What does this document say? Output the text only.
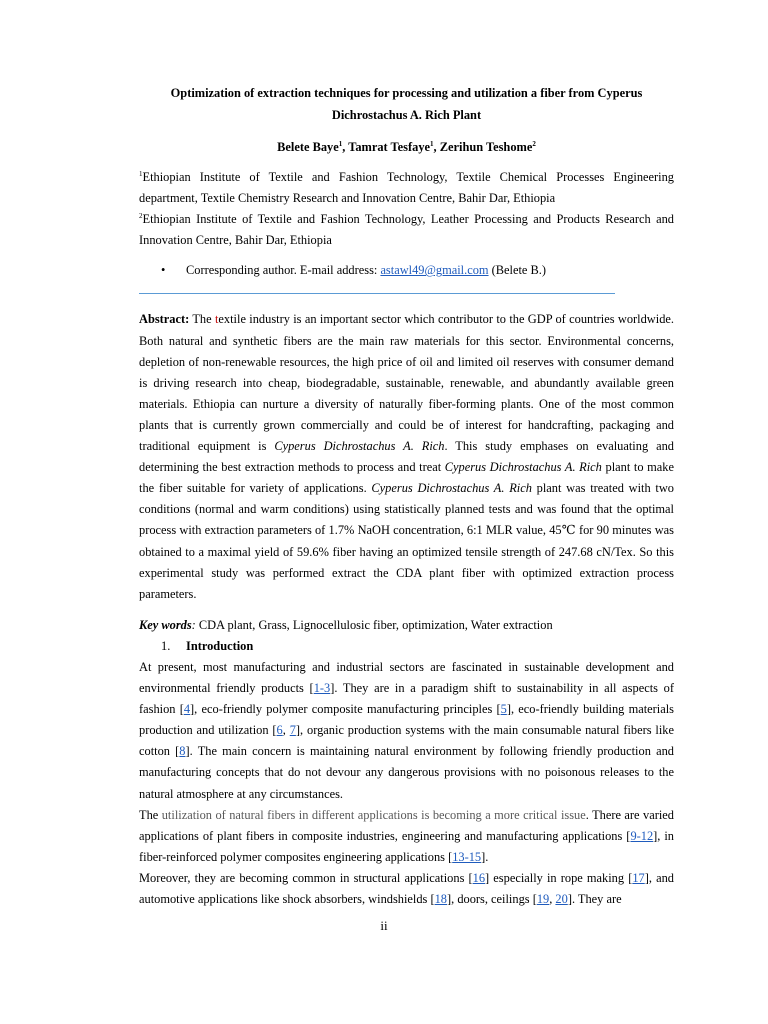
Optimization of extraction techniques for processing and utilization a fiber from Cyperus
Dichrostachus A. Rich Plant

Belete Baye$^1$, Tamrat Tesfaye$^1$, Zerihun Teshome$^2$

$^1$Ethiopian Institute of Textile and Fashion Technology, Textile Chemical Processes Engineering department, Textile Chemistry Research and Innovation Centre, Bahir Dar, Ethiopia

$^2$Ethiopian Institute of Textile and Fashion Technology, Leather Processing and Products Research and Innovation Centre, Bahir Dar, Ethiopia

• Corresponding author. E-mail address: astawl49@gmail.com (Belete B.)

Abstract: The textile industry is an important sector which contributor to the GDP of countries worldwide. Both natural and synthetic fibers are the main raw materials for this sector. Environmental concerns, depletion of non-renewable resources, the high price of oil and limited oil reserves with consumer demand is driving research into cheap, biodegradable, sustainable, renewable, and abundantly available green materials. Ethiopia can nurture a diversity of naturally fiber-forming plants. One of the most common plants that is currently grown commercially and could be of interest for handcrafting, packaging and traditional equipment is Cyperus Dichrostachus A. Rich. This study emphases on evaluating and determining the best extraction methods to process and treat Cyperus Dichrostachus A. Rich plant to make the fiber suitable for variety of applications. Cyperus Dichrostachus A. Rich plant was treated with two conditions (normal and warm conditions) using statistically planned tests and was found that the optimal process with extraction parameters of 1.7% NaOH concentration, 6:1 MLR value, 45℃ for 90 minutes was obtained to a maximal yield of 59.6% fiber having an optimized tensile strength of 247.68 cN/Tex. So this experimental study was performed extract the CDA plant fiber with optimized extraction process parameters.

Key words: CDA plant, Grass, Lignocellulosic fiber, optimization, Water extraction

1. Introduction

At present, most manufacturing and industrial sectors are fascinated in sustainable development and environmental friendly products [1-3]. They are in a paradigm shift to sustainability in all aspects of fashion [4], eco-friendly polymer composite manufacturing principles [5], eco-friendly building materials production and utilization [6, 7], organic production systems with the main consumable natural fibers like cotton [8]. The main concern is maintaining natural environment by following friendly production and manufacturing concepts that do not devour any dangerous provisions with no poisonous releases to the natural atmosphere at any circumstances.

The utilization of natural fibers in different applications is becoming a more critical issue. There are varied applications of plant fibers in composite industries, engineering and manufacturing applications [9-12], in fiber-reinforced polymer composites engineering applications [13-15].

Moreover, they are becoming common in structural applications [16] especially in rope making [17], and automotive applications like shock absorbers, windshields [18], doors, ceilings [19, 20]. They are

ii
